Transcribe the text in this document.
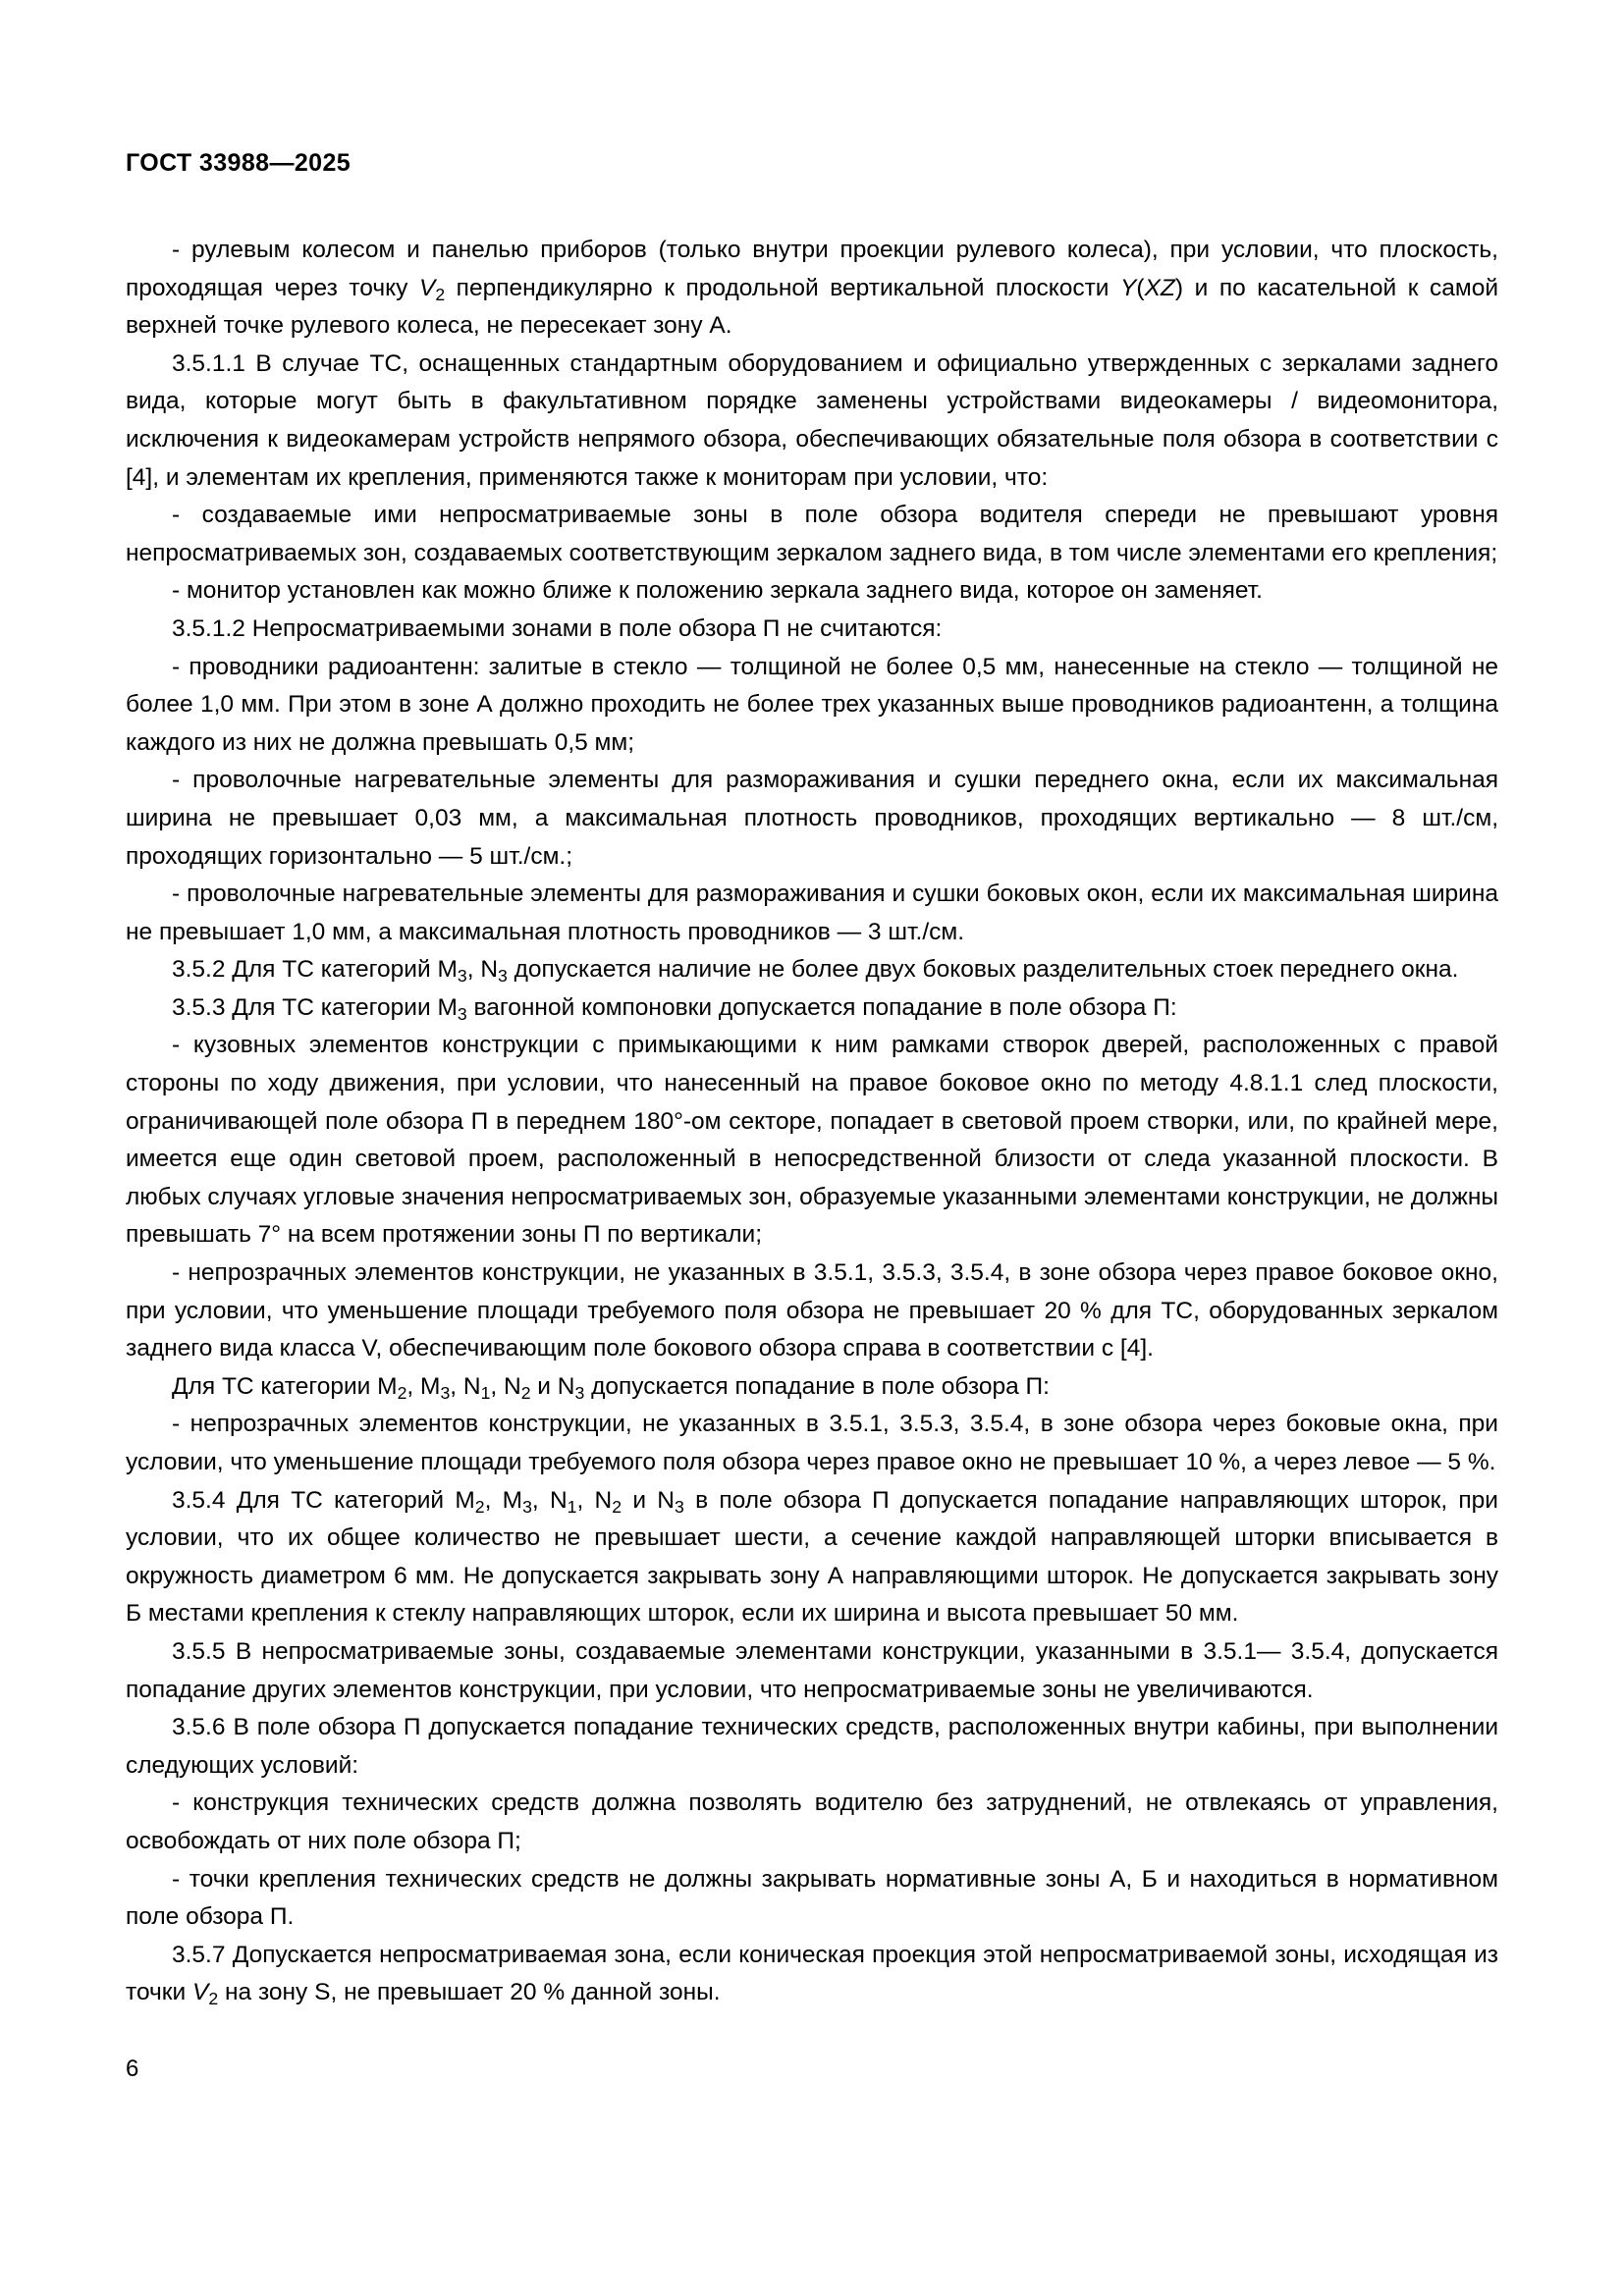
ГОСТ 33988—2025

- рулевым колесом и панелью приборов (только внутри проекции рулевого колеса), при условии, что плоскость, проходящая через точку $V_2$ перпендикулярно к продольной вертикальной плоскости Y(XZ) и по касательной к самой верхней точке рулевого колеса, не пересекает зону А.

3.5.1.1 В случае ТС, оснащенных стандартным оборудованием и официально утвержденных с зеркалами заднего вида, которые могут быть в факультативном порядке заменены устройствами видеокамеры / видеомонитора, исключения к видеокамерам устройств непрямого обзора, обеспечивающих обязательные поля обзора в соответствии с [4], и элементам их крепления, применяются также к мониторам при условии, что:

- создаваемые ими непросматриваемые зоны в поле обзора водителя спереди не превышают уровня непросматриваемых зон, создаваемых соответствующим зеркалом заднего вида, в том числе элементами его крепления;

- монитор установлен как можно ближе к положению зеркала заднего вида, которое он заменяет.

3.5.1.2 Непросматриваемыми зонами в поле обзора П не считаются:

- проводники радиоантенн: залитые в стекло — толщиной не более 0,5 мм, нанесенные на стекло — толщиной не более 1,0 мм. При этом в зоне А должно проходить не более трех указанных выше проводников радиоантенн, а толщина каждого из них не должна превышать 0,5 мм;

- проволочные нагревательные элементы для размораживания и сушки переднего окна, если их максимальная ширина не превышает 0,03 мм, а максимальная плотность проводников, проходящих вертикально — 8 шт./см, проходящих горизонтально — 5 шт./см.;

- проволочные нагревательные элементы для размораживания и сушки боковых окон, если их максимальная ширина не превышает 1,0 мм, а максимальная плотность проводников — 3 шт./см.

3.5.2 Для ТС категорий $M_3$, $N_3$ допускается наличие не более двух боковых разделительных стоек переднего окна.

3.5.3 Для ТС категории $M_3$ вагонной компоновки допускается попадание в поле обзора П:

- кузовных элементов конструкции с примыкающими к ним рамками створок дверей, расположенных с правой стороны по ходу движения, при условии, что нанесенный на правое боковое окно по методу 4.8.1.1 след плоскости, ограничивающей поле обзора П в переднем 180°-ом секторе, попадает в световой проем створки, или, по крайней мере, имеется еще один световой проем, расположенный в непосредственной близости от следа указанной плоскости. В любых случаях угловые значения непросматриваемых зон, образуемые указанными элементами конструкции, не должны превышать 7° на всем протяжении зоны П по вертикали;

- непрозрачных элементов конструкции, не указанных в 3.5.1, 3.5.3, 3.5.4, в зоне обзора через правое боковое окно, при условии, что уменьшение площади требуемого поля обзора не превышает 20 % для ТС, оборудованных зеркалом заднего вида класса V, обеспечивающим поле бокового обзора справа в соответствии с [4].

Для ТС категории $M_2$, $M_3$, $N_1$, $N_2$ и $N_3$ допускается попадание в поле обзора П:

- непрозрачных элементов конструкции, не указанных в 3.5.1, 3.5.3, 3.5.4, в зоне обзора через боковые окна, при условии, что уменьшение площади требуемого поля обзора через правое окно не превышает 10 %, а через левое — 5 %.

3.5.4 Для ТС категорий $M_2$, $M_3$, $N_1$, $N_2$ и $N_3$ в поле обзора П допускается попадание направляющих шторок, при условии, что их общее количество не превышает шести, а сечение каждой направляющей шторки вписывается в окружность диаметром 6 мм. Не допускается закрывать зону А направляющими шторок. Не допускается закрывать зону Б местами крепления к стеклу направляющих шторок, если их ширина и высота превышает 50 мм.

3.5.5 В непросматриваемые зоны, создаваемые элементами конструкции, указанными в 3.5.1— 3.5.4, допускается попадание других элементов конструкции, при условии, что непросматриваемые зоны не увеличиваются.

3.5.6 В поле обзора П допускается попадание технических средств, расположенных внутри кабины, при выполнении следующих условий:

- конструкция технических средств должна позволять водителю без затруднений, не отвлекаясь от управления, освобождать от них поле обзора П;

- точки крепления технических средств не должны закрывать нормативные зоны А, Б и находиться в нормативном поле обзора П.

3.5.7 Допускается непросматриваемая зона, если коническая проекция этой непросматриваемой зоны, исходящая из точки $V_2$ на зону S, не превышает 20 % данной зоны.

6
